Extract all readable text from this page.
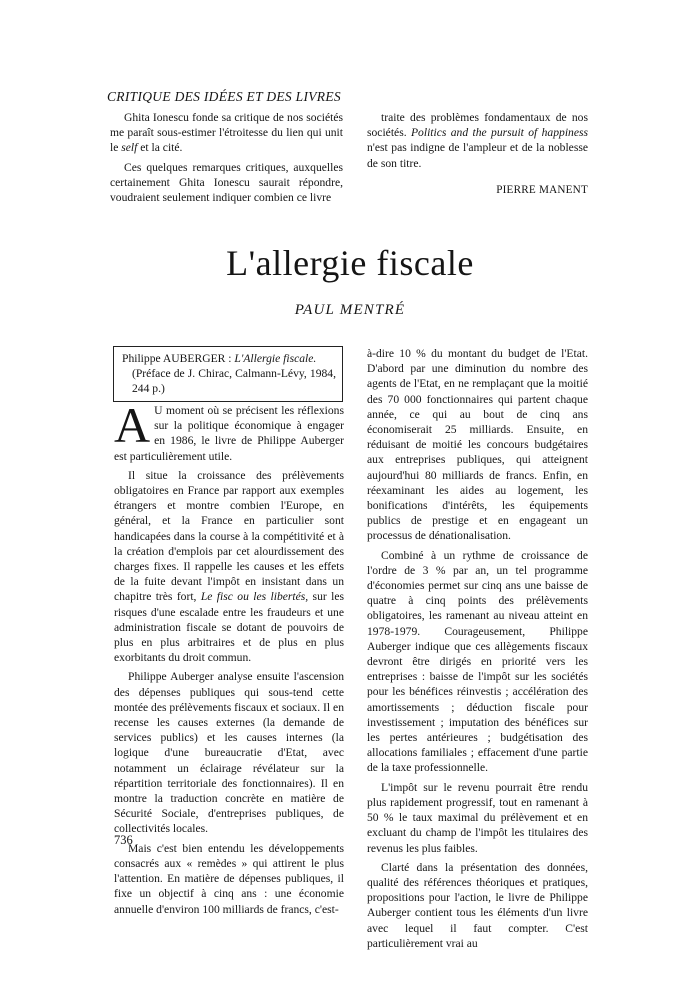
CRITIQUE DES IDÉES ET DES LIVRES

Ghita Ionescu fonde sa critique de nos sociétés me paraît sous-estimer l'étroitesse du lien qui unit le self et la cité.

Ces quelques remarques critiques, auxquelles certainement Ghita Ionescu saurait répondre, voudraient seulement indiquer combien ce livre

traite des problèmes fondamentaux de nos sociétés. Politics and the pursuit of happiness n'est pas indigne de l'ampleur et de la noblesse de son titre.

PIERRE MANENT

L'allergie fiscale
PAUL MENTRÉ
Philippe AUBERGER : L'Allergie fiscale.
(Préface de J. Chirac, Calmann-Lévy, 1984, 244 p.)
A U moment où se précisent les réflexions sur la politique économique à engager en 1986, le livre de Philippe Auberger est particulièrement utile.

Il situe la croissance des prélèvements obligatoires en France par rapport aux exemples étrangers et montre combien l'Europe, en général, et la France en particulier sont handicapées dans la course à la compétitivité et à la création d'emplois par cet alourdissement des charges fixes. Il rappelle les causes et les effets de la fuite devant l'impôt en insistant dans un chapitre très fort, Le fisc ou les libertés, sur les risques d'une escalade entre les fraudeurs et une administration fiscale se dotant de pouvoirs de plus en plus arbitraires et de plus en plus exorbitants du droit commun.

Philippe Auberger analyse ensuite l'ascension des dépenses publiques qui sous-tend cette montée des prélèvements fiscaux et sociaux. Il en recense les causes externes (la demande de services publics) et les causes internes (la logique d'une bureaucratie d'Etat, avec notamment un éclairage révélateur sur la répartition territoriale des fonctionnaires). Il en montre la traduction concrète en matière de Sécurité Sociale, d'entreprises publiques, de collectivités locales.

Mais c'est bien entendu les développements consacrés aux « remèdes » qui attirent le plus l'attention. En matière de dépenses publiques, il fixe un objectif à cinq ans : une économie annuelle d'environ 100 milliards de francs, c'est-

à-dire 10 % du montant du budget de l'Etat. D'abord par une diminution du nombre des agents de l'Etat, en ne remplaçant que la moitié des 70 000 fonctionnaires qui partent chaque année, ce qui au bout de cinq ans économiserait 25 milliards. Ensuite, en réduisant de moitié les concours budgétaires aux entreprises publiques, qui atteignent aujourd'hui 80 milliards de francs. Enfin, en réexaminant les aides au logement, les bonifications d'intérêts, les équipements publics de prestige et en engageant un processus de dénationalisation.

Combiné à un rythme de croissance de l'ordre de 3 % par an, un tel programme d'économies permet sur cinq ans une baisse de quatre à cinq points des prélèvements obligatoires, les ramenant au niveau atteint en 1978-1979. Courageusement, Philippe Auberger indique que ces allègements fiscaux devront être dirigés en priorité vers les entreprises : baisse de l'impôt sur les sociétés pour les bénéfices réinvestis ; accélération des amortissements ; déduction fiscale pour investissement ; imputation des bénéfices sur les pertes antérieures ; budgétisation des allocations familiales ; effacement d'une partie de la taxe professionnelle.

L'impôt sur le revenu pourrait être rendu plus rapidement progressif, tout en ramenant à 50 % le taux maximal du prélèvement et en excluant du champ de l'impôt les titulaires des revenus les plus faibles.

Clarté dans la présentation des données, qualité des références théoriques et pratiques, propositions pour l'action, le livre de Philippe Auberger contient tous les éléments d'un livre avec lequel il faut compter. C'est particulièrement vrai au

736
